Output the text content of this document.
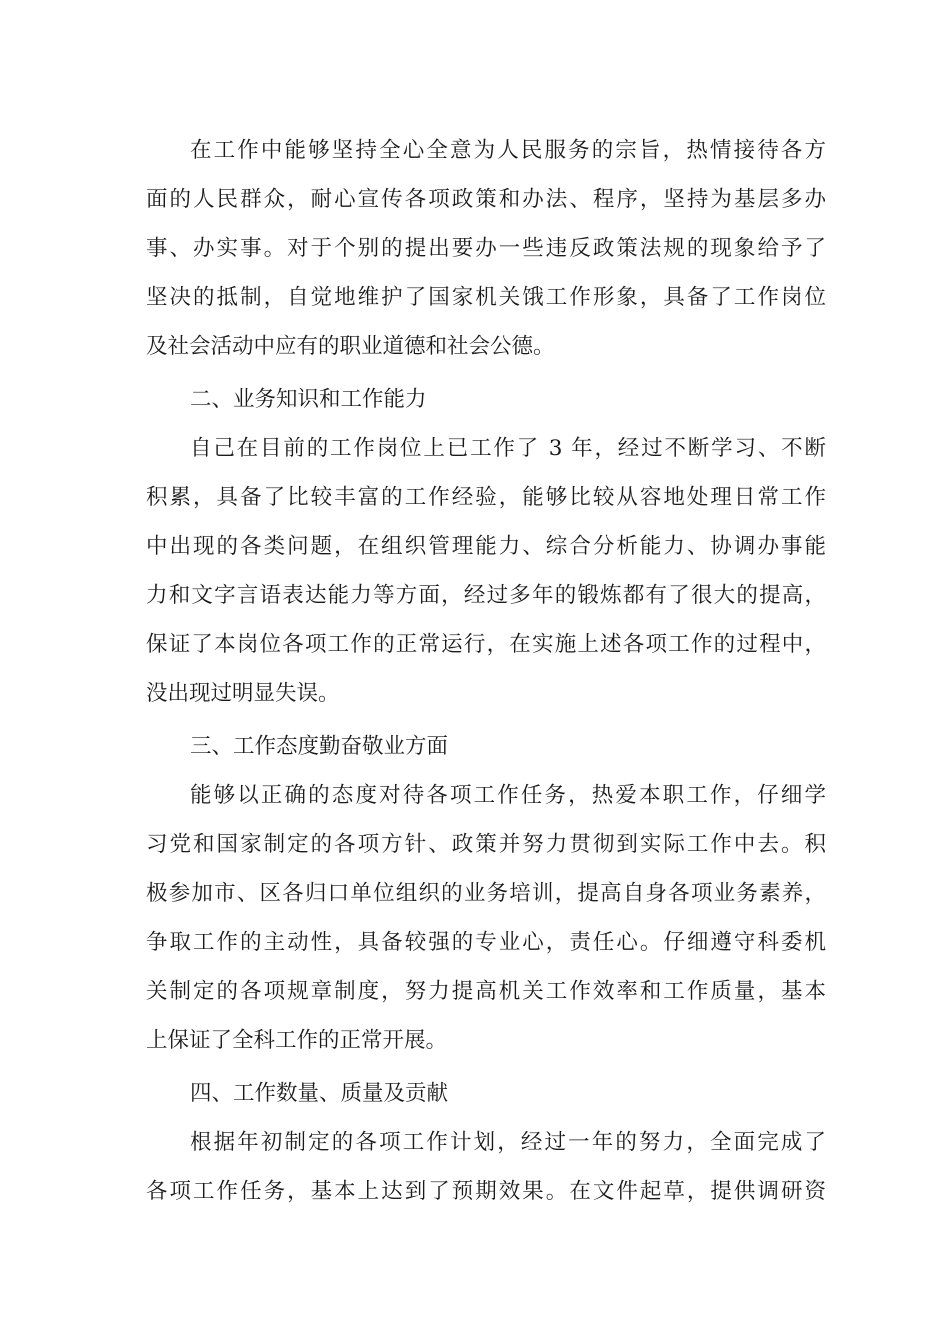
在工作中能够坚持全心全意为人民服务的宗旨，热情接待各方

面的人民群众，耐心宣传各项政策和办法、程序，坚持为基层多办

事、办实事。对于个别的提出要办一些违反政策法规的现象给予了

坚决的抵制，自觉地维护了国家机关饿工作形象，具备了工作岗位

及社会活动中应有的职业道德和社会公德。

二、业务知识和工作能力

自己在目前的工作岗位上已工作了 3 年，经过不断学习、不断

积累，具备了比较丰富的工作经验，能够比较从容地处理日常工作

中出现的各类问题，在组织管理能力、综合分析能力、协调办事能

力和文字言语表达能力等方面，经过多年的锻炼都有了很大的提高，

保证了本岗位各项工作的正常运行，在实施上述各项工作的过程中，

没出现过明显失误。

三、工作态度勤奋敬业方面

能够以正确的态度对待各项工作任务，热爱本职工作，仔细学

习党和国家制定的各项方针、政策并努力贯彻到实际工作中去。积

极参加市、区各归口单位组织的业务培训，提高自身各项业务素养，

争取工作的主动性，具备较强的专业心，责任心。仔细遵守科委机

关制定的各项规章制度，努力提高机关工作效率和工作质量，基本

上保证了全科工作的正常开展。

四、工作数量、质量及贡献

根据年初制定的各项工作计划，经过一年的努力，全面完成了

各项工作任务，基本上达到了预期效果。在文件起草，提供调研资
